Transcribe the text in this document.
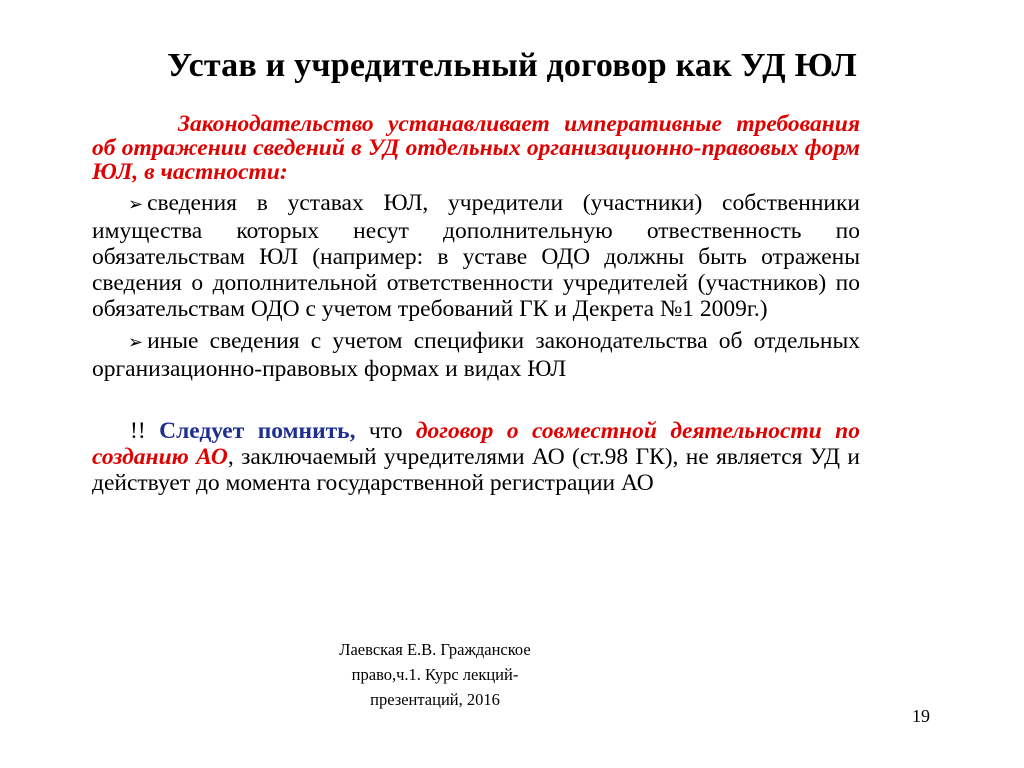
Устав и учредительный договор как УД ЮЛ

Законодательство устанавливает императивные требования об отражении сведений в УД отдельных организационно-правовых форм ЮЛ, в частности:

➢ сведения в уставах ЮЛ, учредители (участники) собственники имущества которых несут дополнительную отвественность по обязательствам ЮЛ (например: в уставе ОДО должны быть отражены сведения о дополнительной ответственности учредителей (участников) по обязательствам ОДО с учетом требований ГК и Декрета №1 2009г.)
➢ иные сведения с учетом специфики законодательства об отдельных организационно-правовых формах и видах ЮЛ

!! Следует помнить, что договор о совместной деятельности по созданию АО, заключаемый учредителями АО (ст.98 ГК), не является УД и действует до момента государственной регистрации АО

Лаевская Е.В. Гражданское
право,ч.1. Курс лекций-
презентаций, 2016
19
